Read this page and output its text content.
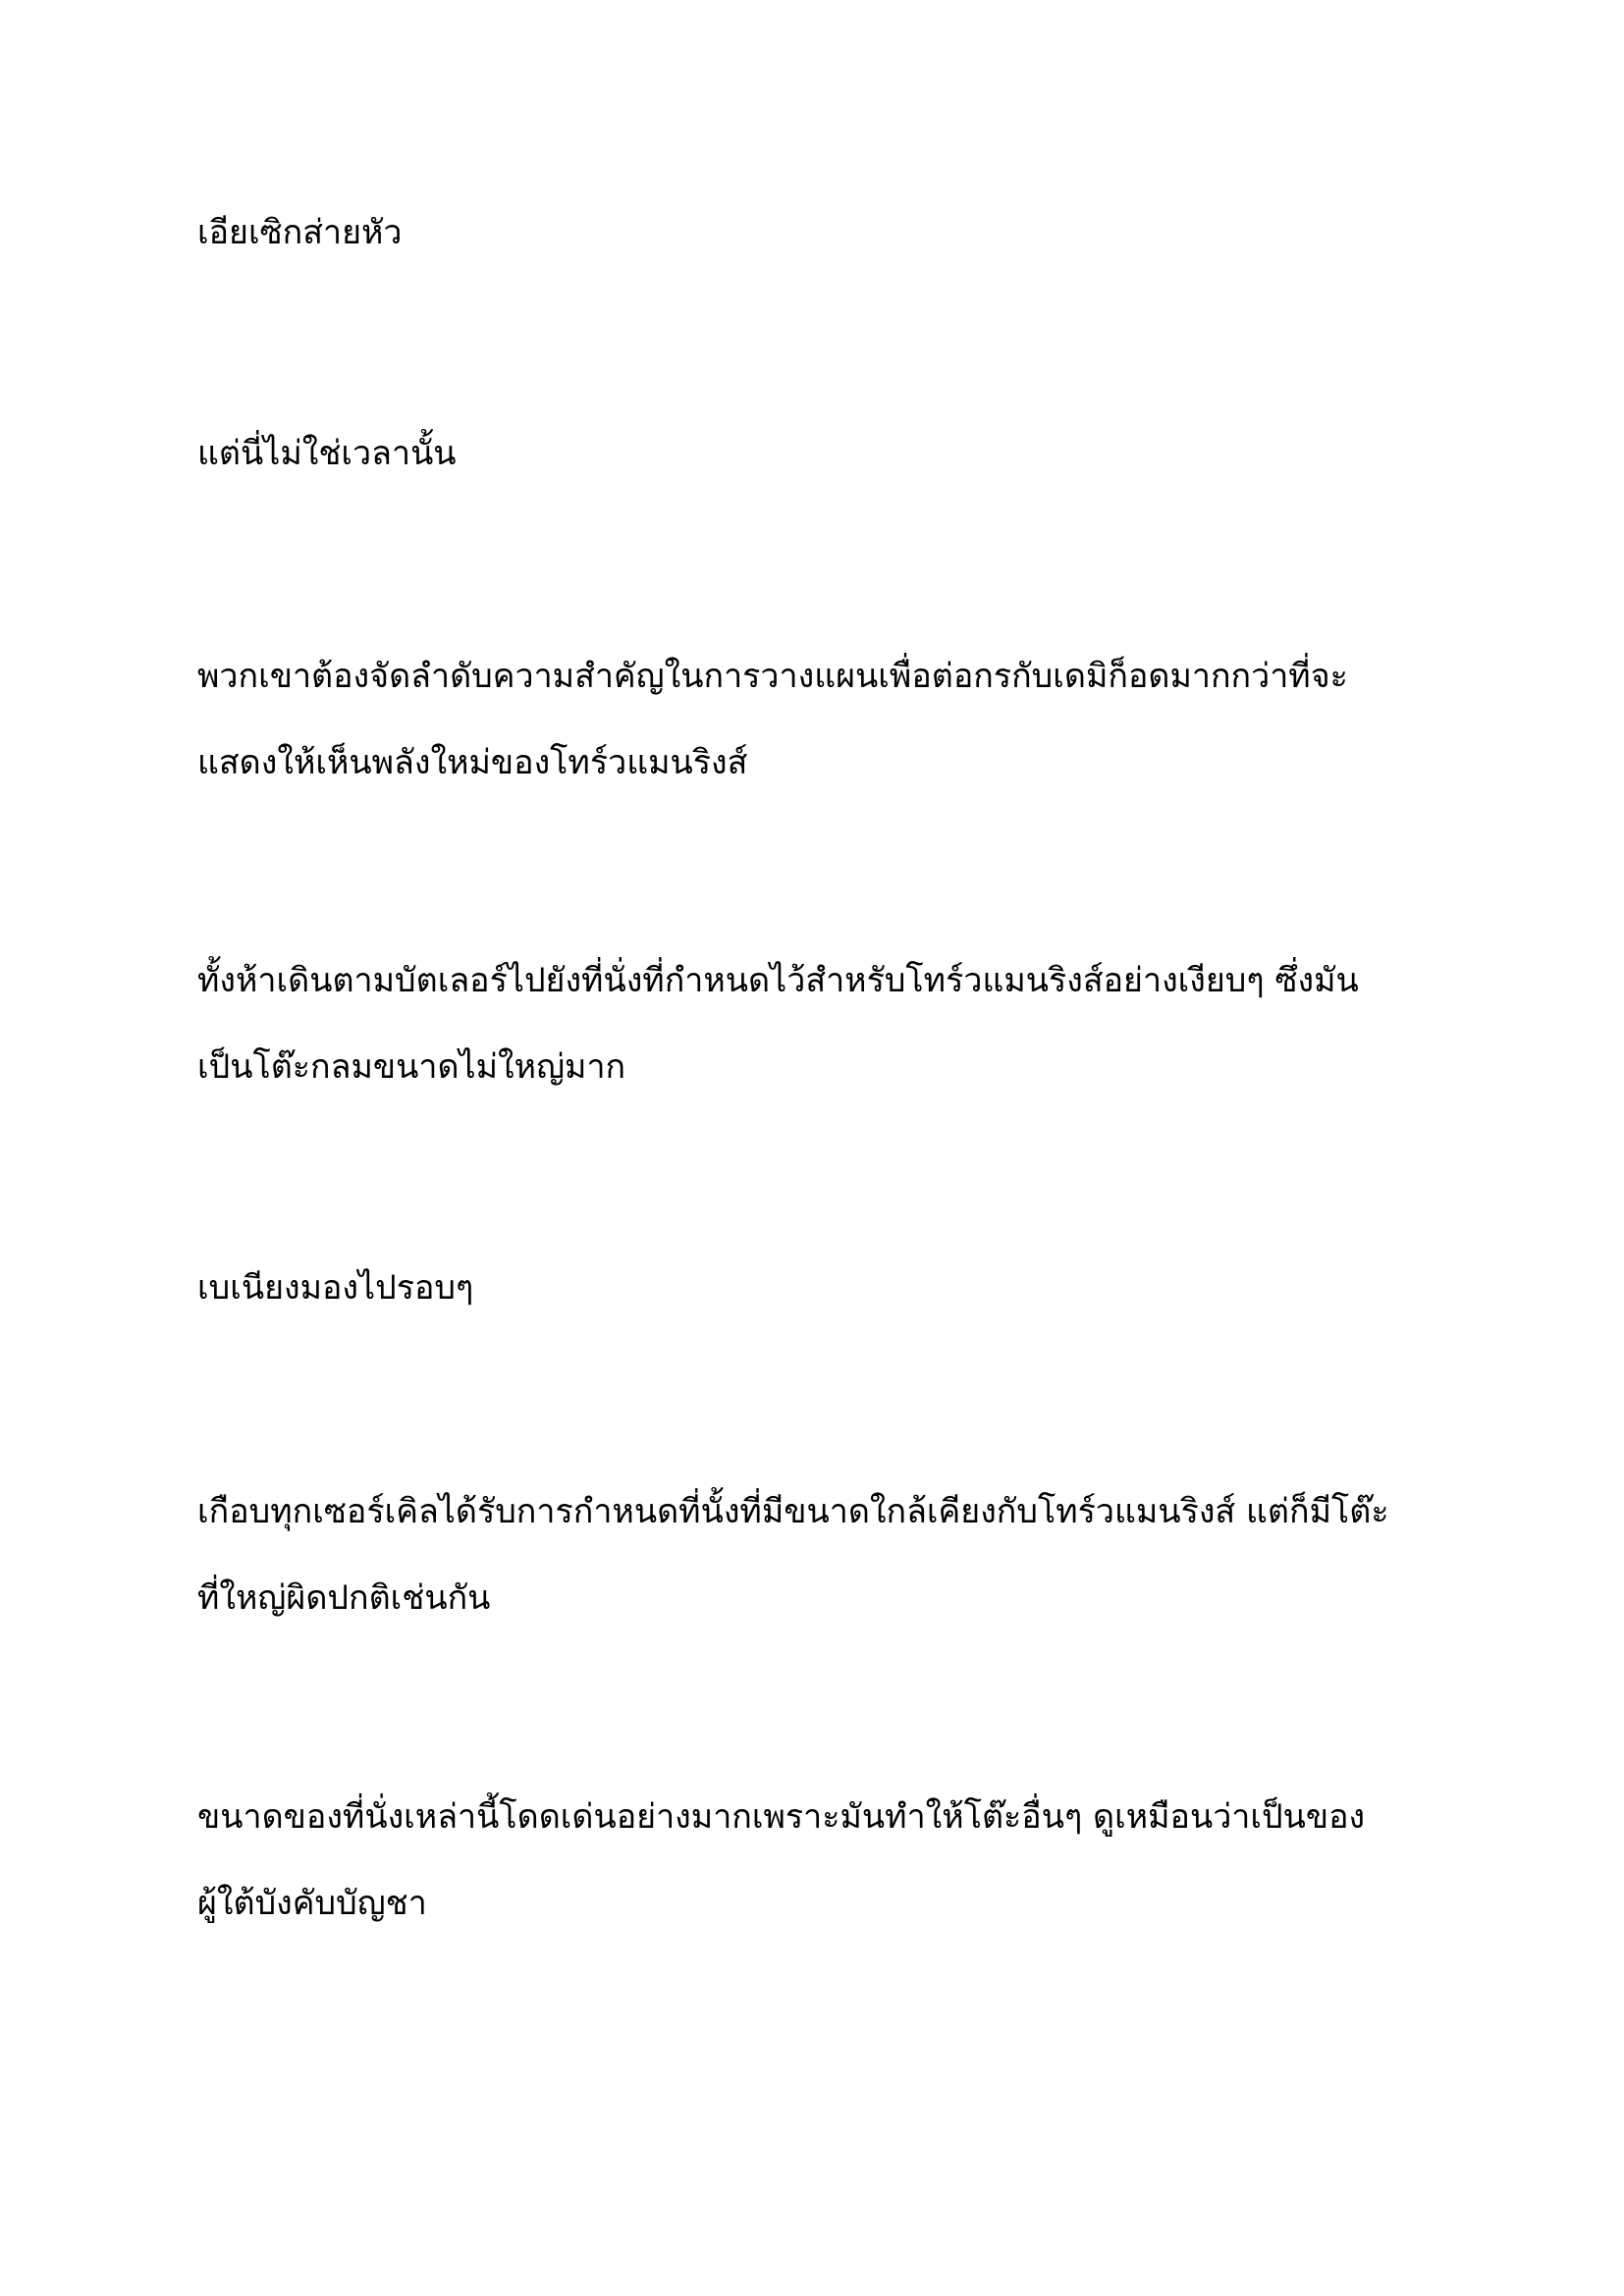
เอียเซิกส่ายหัว

แต่นี่ไม่ใช่เวลานั้น

พวกเขาต้องจัดลำดับความสำคัญในการวางแผนเพื่อต่อกรกับเดมิก็อดมากกว่าที่จะ
แสดงให้เห็นพลังใหม่ของโทร์วแมนริงส์

ทั้งห้าเดินตามบัตเลอร์ไปยังที่นั่งที่กำหนดไว้สำหรับโทร์วแมนริงส์อย่างเงียบๆ ซึ่งมัน
เป็นโต๊ะกลมขนาดไม่ใหญ่มาก

เบเนียงมองไปรอบๆ

เกือบทุกเซอร์เคิลได้รับการกำหนดที่นั้งที่มีขนาดใกล้เคียงกับโทร์วแมนริงส์ แต่ก็มีโต๊ะ
ที่ใหญ่ผิดปกติเช่นกัน

ขนาดของที่นั่งเหล่านี้โดดเด่นอย่างมากเพราะมันทำให้โต๊ะอื่นๆ ดูเหมือนว่าเป็นของ
ผู้ใต้บังคับบัญชา
